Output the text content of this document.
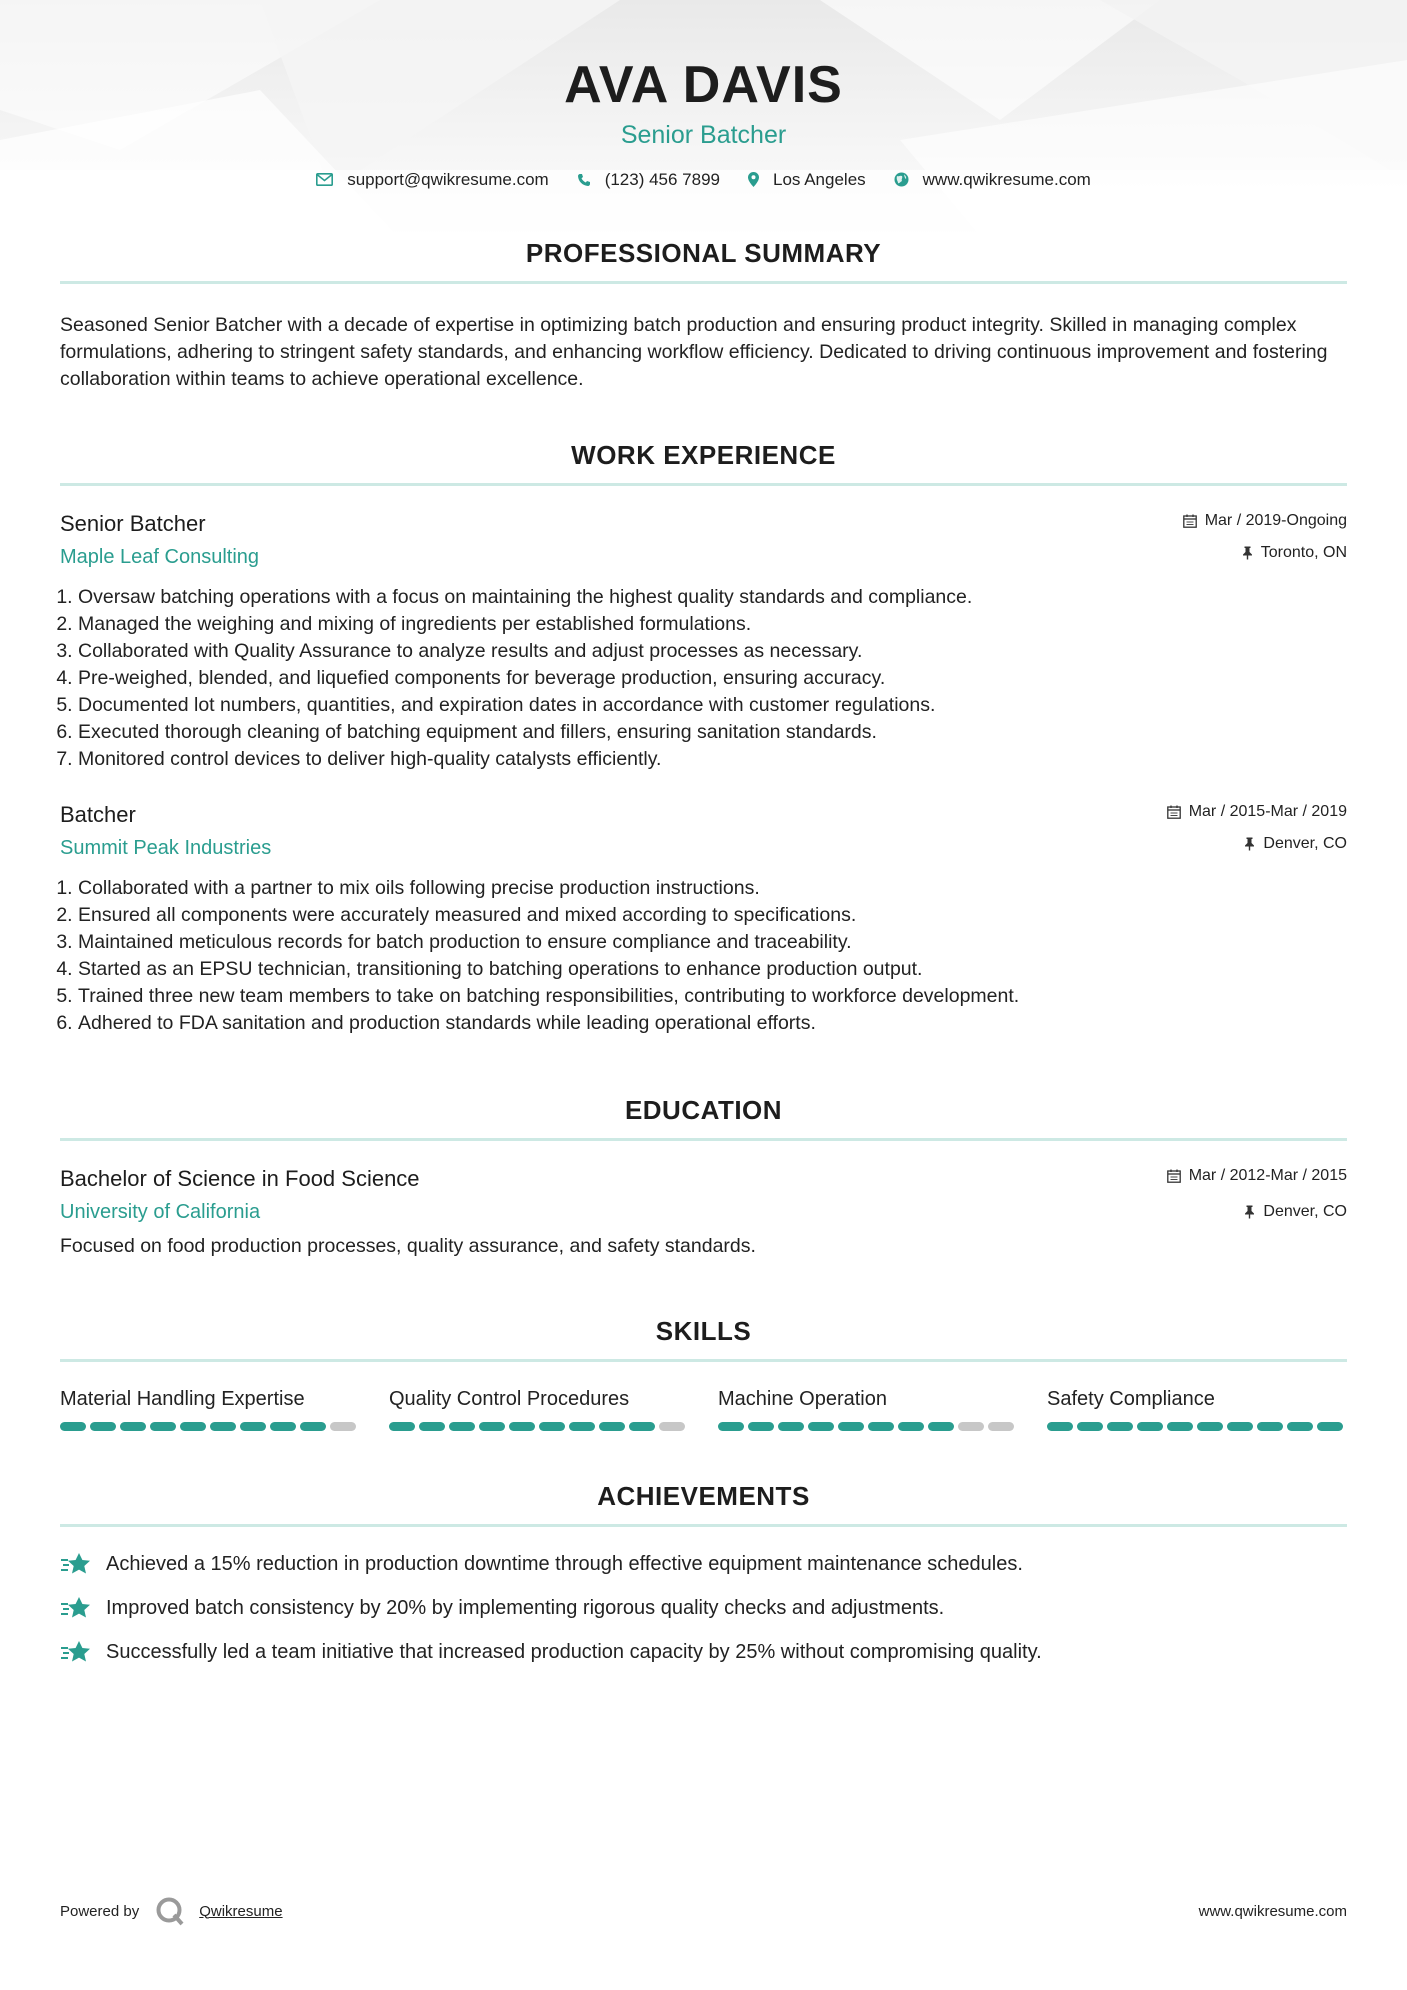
AVA DAVIS
Senior Batcher
support@qwikresume.com	(123) 456 7899	Los Angeles	www.qwikresume.com
PROFESSIONAL SUMMARY
Seasoned Senior Batcher with a decade of expertise in optimizing batch production and ensuring product integrity. Skilled in managing complex formulations, adhering to stringent safety standards, and enhancing workflow efficiency. Dedicated to driving continuous improvement and fostering collaboration within teams to achieve operational excellence.
WORK EXPERIENCE
Senior Batcher
Maple Leaf Consulting
Mar / 2019-Ongoing
Toronto, ON
1. Oversaw batching operations with a focus on maintaining the highest quality standards and compliance.
2. Managed the weighing and mixing of ingredients per established formulations.
3. Collaborated with Quality Assurance to analyze results and adjust processes as necessary.
4. Pre-weighed, blended, and liquefied components for beverage production, ensuring accuracy.
5. Documented lot numbers, quantities, and expiration dates in accordance with customer regulations.
6. Executed thorough cleaning of batching equipment and fillers, ensuring sanitation standards.
7. Monitored control devices to deliver high-quality catalysts efficiently.
Batcher
Summit Peak Industries
Mar / 2015-Mar / 2019
Denver, CO
1. Collaborated with a partner to mix oils following precise production instructions.
2. Ensured all components were accurately measured and mixed according to specifications.
3. Maintained meticulous records for batch production to ensure compliance and traceability.
4. Started as an EPSU technician, transitioning to batching operations to enhance production output.
5. Trained three new team members to take on batching responsibilities, contributing to workforce development.
6. Adhered to FDA sanitation and production standards while leading operational efforts.
EDUCATION
Bachelor of Science in Food Science
University of California
Mar / 2012-Mar / 2015
Denver, CO
Focused on food production processes, quality assurance, and safety standards.
SKILLS
Material Handling Expertise	Quality Control Procedures	Machine Operation	Safety Compliance
ACHIEVEMENTS
Achieved a 15% reduction in production downtime through effective equipment maintenance schedules.
Improved batch consistency by 20% by implementing rigorous quality checks and adjustments.
Successfully led a team initiative that increased production capacity by 25% without compromising quality.
Powered by	Qwikresume	www.qwikresume.com
